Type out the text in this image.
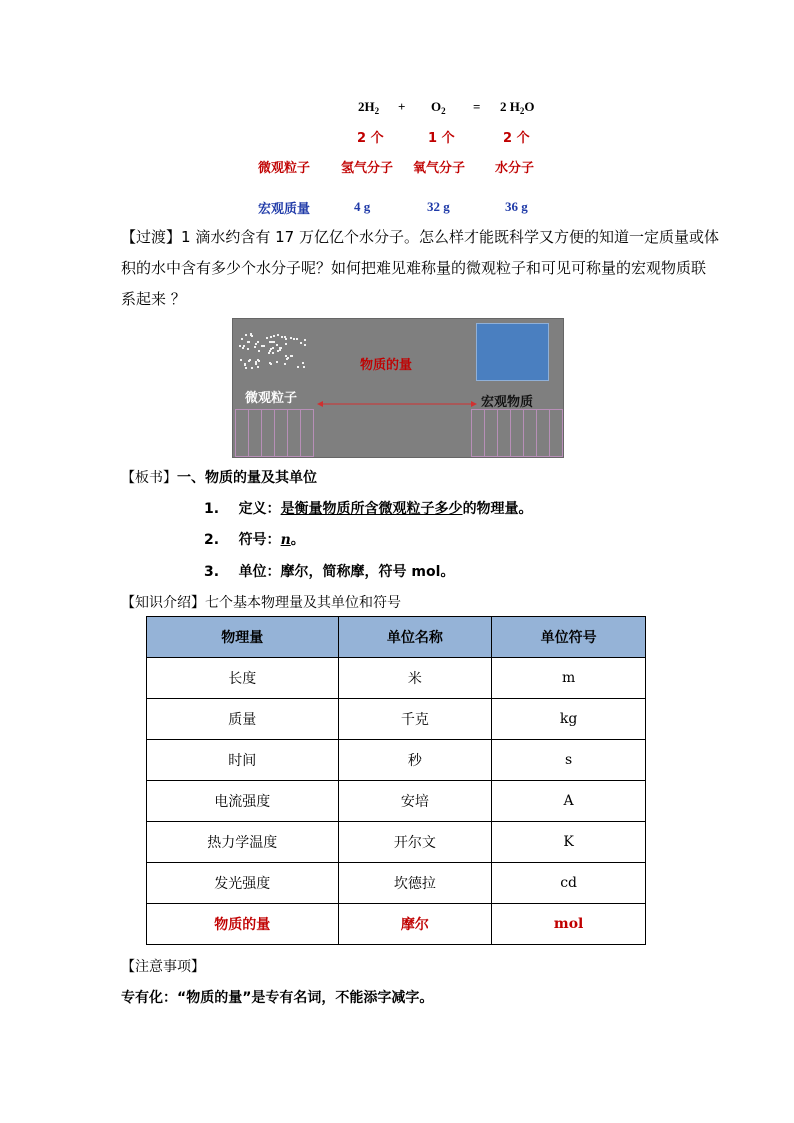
$2H_2 + O_2 = 2$ $H_2O$
2 个	1 个	2 个
微观粒子 氢气分子 氧气分子 水分子
宏观质量	4 g	32 g	36 g
【过渡】1 滴水约含有 17 万亿亿个水分子。怎么样才能既科学又方便的知道一定质量或体
积的水中含有多少个水分子呢？如何把难见难称量的微观粒子和可见可称量的宏观物质联
系起来 ？
物质的量
微观粒子	宏观物质
【板书】一、物质的量及其单位
1. 定义：是衡量物质所含微观粒子多少的物理量。
2. 符号：n。
3. 单位：摩尔，简称摩，符号 mol。
【知识介绍】七个基本物理量及其单位和符号
物理量	单位名称	单位符号
长度	米	m
质量	千克	kg
时间	秒	s
电流强度	安培	A
热力学温度	开尔文	K
发光强度	坎德拉	cd
物质的量	摩尔	mol
【注意事项】
专有化：“物质的量”是专有名词，不能添字减字。
